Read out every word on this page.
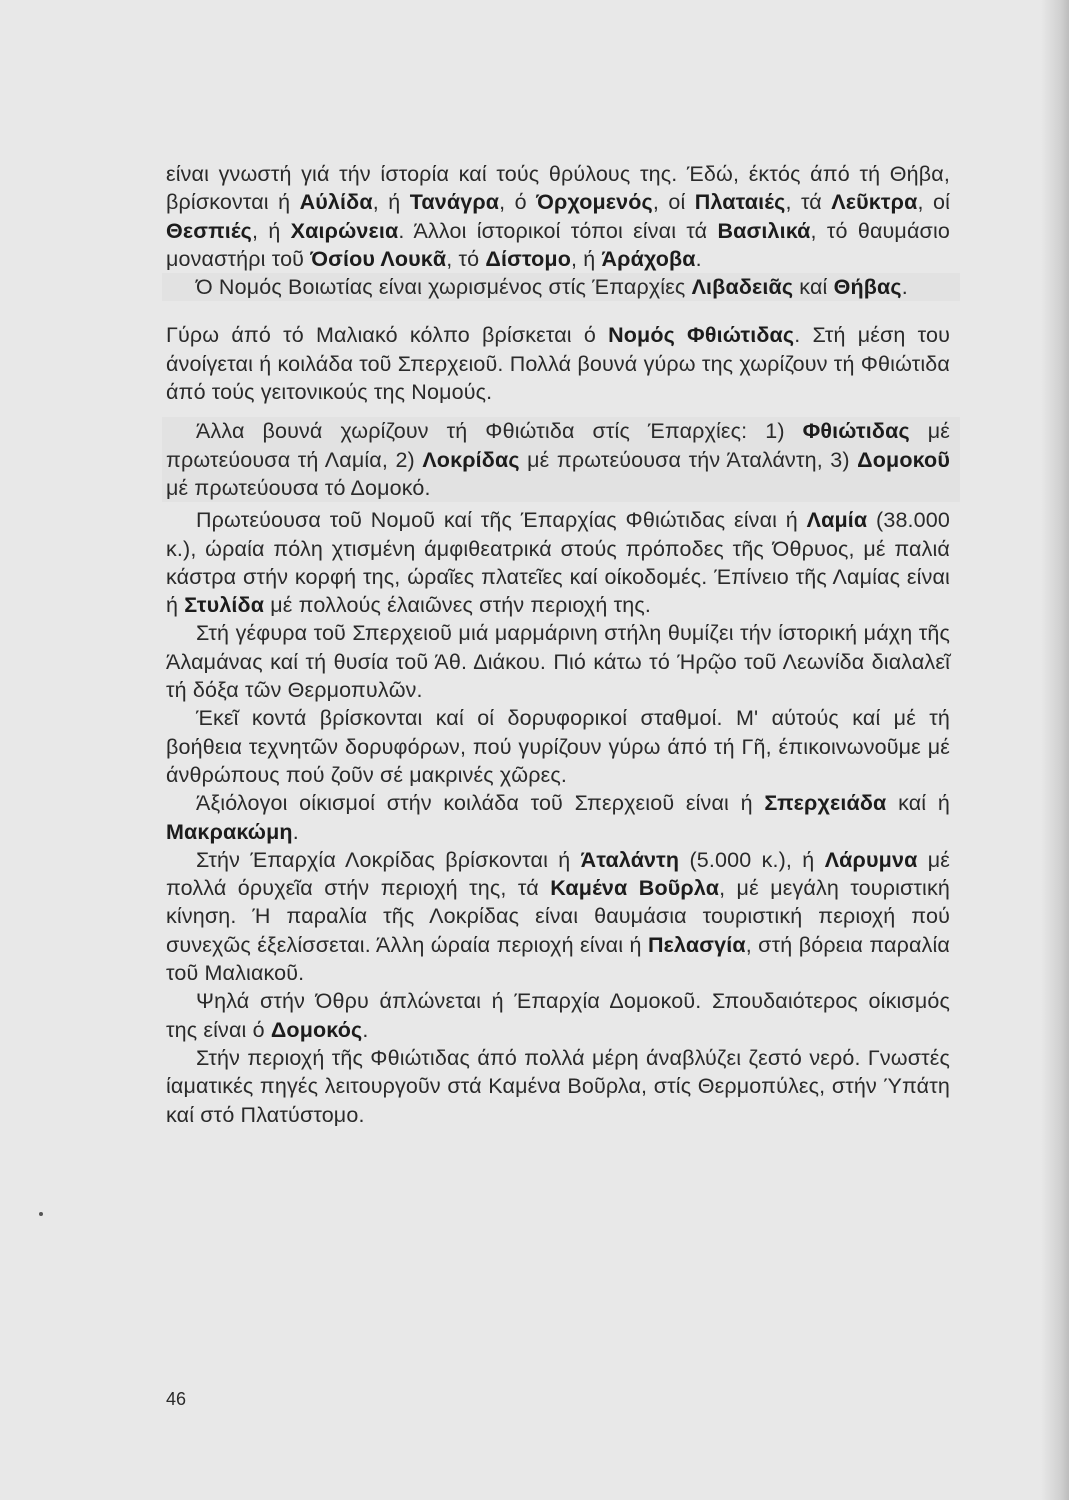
είναι γνωστή γιά τήν ίστορία καί τούς θρύλους της. Έδώ, έκτός άπό τή Θήβα, βρίσκονται ή Αύλίδα, ή Τανάγρα, ό Όρχομενός, οί Πλαταιές, τά Λεῦκτρα, οί Θεσπιές, ή Χαιρώνεια. Άλλοι ίστορικοί τόποι είναι τά Βασιλικά, τό θαυμάσιο μοναστήρι τοῦ Όσίου Λουκᾶ, τό Δίστομο, ή Άράχοβα.

Ό Νομός Βοιωτίας είναι χωρισμένος στίς Έπαρχίες Λιβαδειᾶς καί Θήβας.

Γύρω άπό τό Μαλιακό κόλπο βρίσκεται ό Νομός Φθιώτιδας. Στή μέση του άνοίγεται ή κοιλάδα τοῦ Σπερχειοῦ. Πολλά βουνά γύρω της χωρίζουν τή Φθιώτιδα άπό τούς γειτονικούς της Νομούς.

Άλλα βουνά χωρίζουν τή Φθιώτιδα στίς Έπαρχίες: 1) Φθιώτιδας μέ πρωτεύουσα τή Λαμία, 2) Λοκρίδας μέ πρωτεύουσα τήν Άταλάντη, 3) Δομοκοῦ μέ πρωτεύουσα τό Δομοκό.

Πρωτεύουσα τοῦ Νομοῦ καί τῆς Έπαρχίας Φθιώτιδας είναι ή Λαμία (38.000 κ.), ώραία πόλη χτισμένη άμφιθεατρικά στούς πρόποδες τῆς Όθρυος, μέ παλιά κάστρα στήν κορφή της, ώραῖες πλατεῖες καί οίκοδομές. Έπίνειο τῆς Λαμίας είναι ή Στυλίδα μέ πολλούς έλαιῶνες στήν περιοχή της.

Στή γέφυρα τοῦ Σπερχειοῦ μιά μαρμάρινη στήλη θυμίζει τήν ίστορική μάχη τῆς Άλαμάνας καί τή θυσία τοῦ Άθ. Διάκου. Πιό κάτω τό Ήρῷο τοῦ Λεωνίδα διαλαλεῖ τή δόξα τῶν Θερμοπυλῶν.

Έκεῖ κοντά βρίσκονται καί οί δορυφορικοί σταθμοί. Μ' αύτούς καί μέ τή βοήθεια τεχνητῶν δορυφόρων, πού γυρίζουν γύρω άπό τή Γῆ, έπικοινωνοῦμε μέ άνθρώπους πού ζοῦν σέ μακρινές χῶρες.

Άξιόλογοι οίκισμοί στήν κοιλάδα τοῦ Σπερχειοῦ είναι ή Σπερχειάδα καί ή Μακρακώμη.

Στήν Έπαρχία Λοκρίδας βρίσκονται ή Άταλάντη (5.000 κ.), ή Λάρυμνα μέ πολλά όρυχεῖα στήν περιοχή της, τά Καμένα Βοῦρλα, μέ μεγάλη τουριστική κίνηση. Ή παραλία τῆς Λοκρίδας είναι θαυμάσια τουριστική περιοχή πού συνεχῶς έξελίσσεται. Άλλη ώραία περιοχή είναι ή Πελασγία, στή βόρεια παραλία τοῦ Μαλιακοῦ.

Ψηλά στήν Όθρυ άπλώνεται ή Έπαρχία Δομοκοῦ. Σπουδαιότερος οίκισμός της είναι ό Δομοκός.

Στήν περιοχή τῆς Φθιώτιδας άπό πολλά μέρη άναβλύζει ζεστό νερό. Γνωστές ίαματικές πηγές λειτουργοῦν στά Καμένα Βοῦρλα, στίς Θερμοπύλες, στήν Ύπάτη καί στό Πλατύστομο.

46
